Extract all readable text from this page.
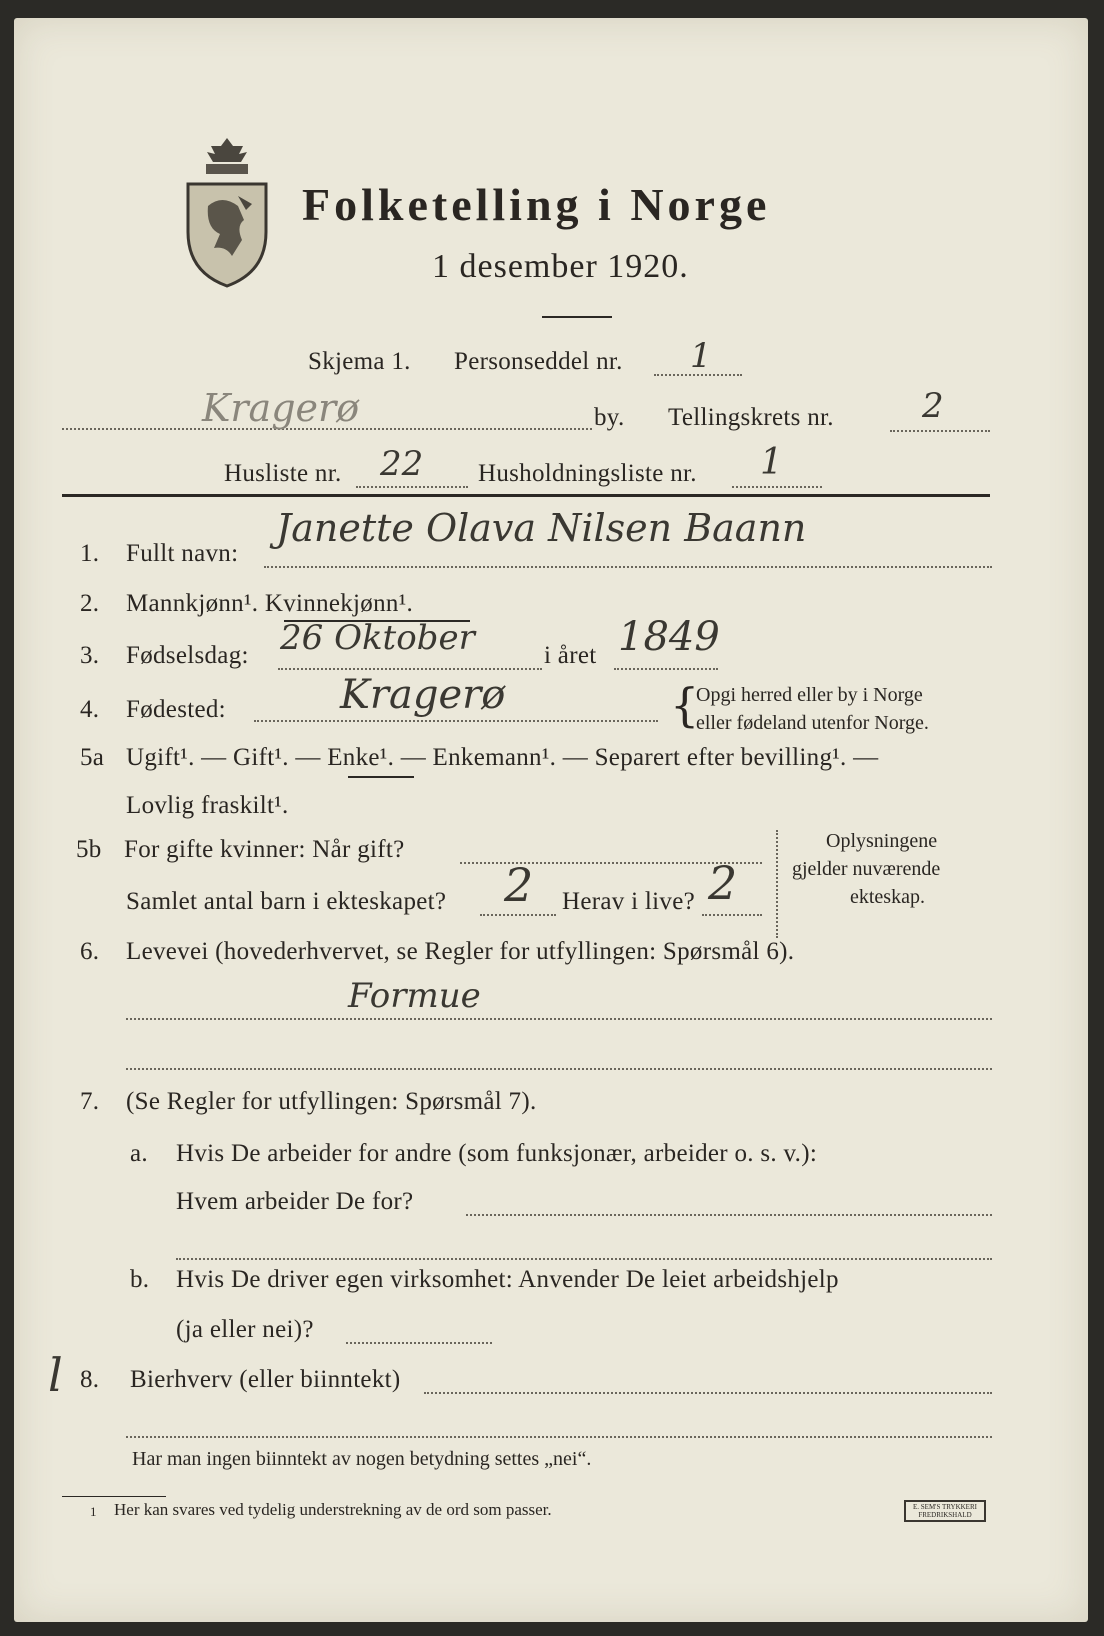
Folketelling i Norge
1 desember 1920.
Skjema 1. Personseddel nr. 1
Kragerø	by. Tellingskrets nr.	2
Husliste nr. 22 Husholdningsliste nr. 1
1. Fullt navn:
Janette Olava Nilsen Baann
2. Mannkjønn¹. Kvinnekjønn¹.
3. Fødselsdag: 26 Oktober	i året 1849
4. Fødested:	Kragerø	{
Opgi herred eller by i Norge
eller fødeland utenfor Norge.
5a Ugift¹. — Gift¹. — Enke¹. — Enkemann¹. — Separert efter bevilling¹. —
Lovlig fraskilt¹.
5b For gifte kvinner: Når gift?
Samlet antal barn i ekteskapet? 2 Herav i live? 2
Oplysningene
gjelder nuværende
ekteskap.
6. Levevei (hovederhvervet, se Regler for utfyllingen: Spørsmål 6).
Formue
7. (Se Regler for utfyllingen: Spørsmål 7).
a. Hvis De arbeider for andre (som funksjonær, arbeider o. s. v.):
Hvem arbeider De for?
b. Hvis De driver egen virksomhet: Anvender De leiet arbeidshjelp
(ja eller nei)?
l 8. Bierhverv (eller biinntekt)
Har man ingen biinntekt av nogen betydning settes „nei“.
1 Her kan svares ved tydelig understrekning av de ord som passer.	E. SEM'S TRYKKERI FREDRIKSHALD
